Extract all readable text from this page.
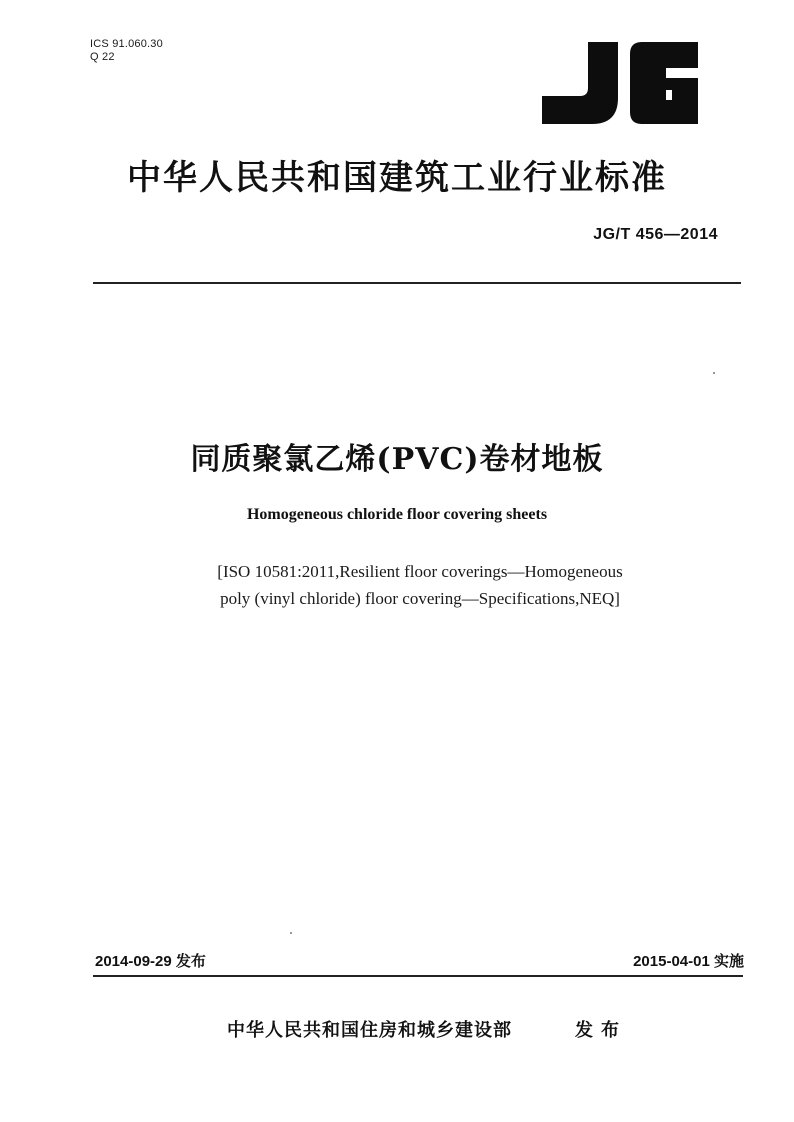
ICS 91.060.30
Q 22
中华人民共和国建筑工业行业标准
JG/T 456—2014
同质聚氯乙烯(PVC)卷材地板
Homogeneous chloride floor covering sheets
[ISO 10581:2011,Resilient floor coverings—Homogeneous
poly (vinyl chloride) floor covering—Specifications,NEQ]
2014-09-29 发布	2015-04-01 实施
中华人民共和国住房和城乡建设部	发布
